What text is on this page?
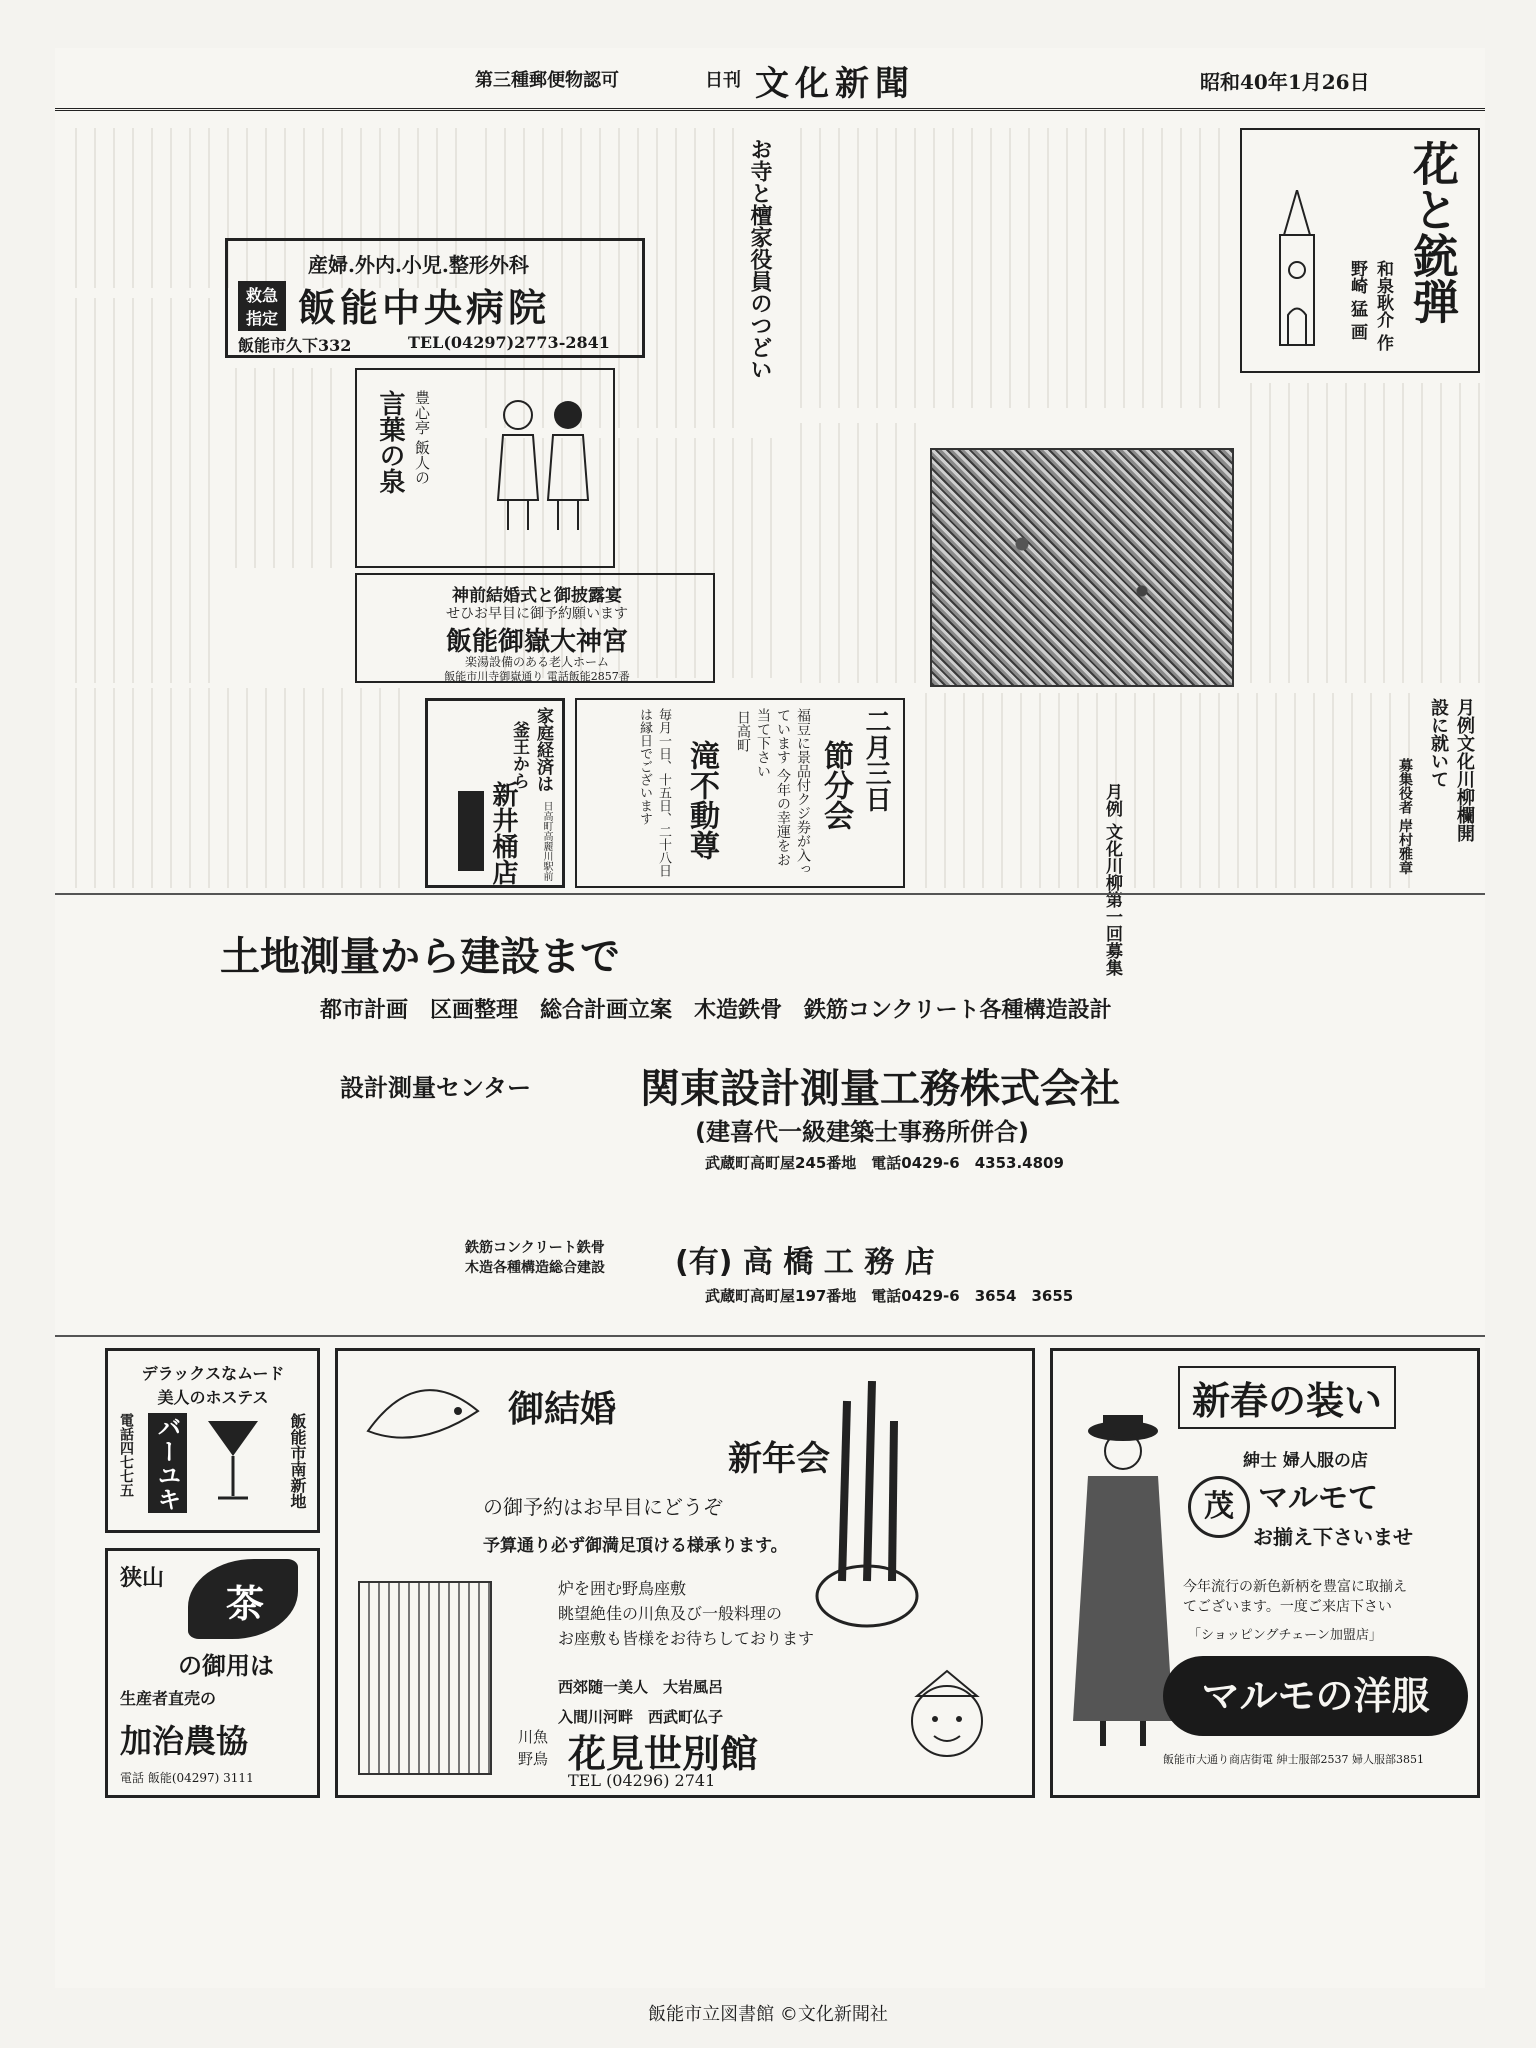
第三種郵便物認可	日刊 文化新聞	昭和40年1月26日
花と銃弾
和泉耿介 作
野崎 猛 画
お寺と檀家役員のつどい
産婦.外内.小児.整形外科
救急指定 飯能中央病院
飯能市久下332	TEL(04297)2773-2841
言葉の泉 豊心亭 飯人の
神前結婚式と御披露宴
せひお早目に御予約願います
飯能御嶽大神宮
楽湯設備のある老人ホーム
飯能市川寺御嶽通り 電話飯能2857番
家庭経済は
釜王から
新井桶店	日高町高麗川駅前
二月三日
節分会
福豆に景品付クジ券が入っています 今年の幸運をお当て下さい
日高町
滝不動尊
毎月一日、十五日、二十八日は縁日でございます
月例 文化川柳第一回募集
月例文化川柳欄開設に就いて
募集役者 岸村雅章
土地測量から建設まで
都市計画　区画整理　総合計画立案　木造鉄骨　鉄筋コンクリート各種構造設計
設計測量センター	関東設計測量工務株式会社
(建喜代一級建築士事務所併合)
武蔵町高町屋245番地　電話0429-6　4353.4809
鉄筋コンクリート鉄骨 木造各種構造総合建設	(有) 高 橋 工 務 店
武蔵町高町屋197番地　電話0429-6　3654　3655
デラックスなムード
美人のホステス
電話四七七五 バーユキ	飯能市南新地
狭山
茶
の御用は
生産者直売の
加治農協
電話 飯能(04297) 3111
御結婚
新年会
の御予約はお早目にどうぞ
予算通り必ず御満足頂ける様承ります。
炉を囲む野鳥座敷
眺望絶佳の川魚及び一般料理の
お座敷も皆様をお待ちしております
西郊随一美人　大岩風呂
入間川河畔　西武町仏子
川魚
野鳥 花見世別館
TEL (04296) 2741
新春の装い
紳士 婦人服の店
茂 マルモて
お揃え下さいませ
今年流行の新色新柄を豊富に取揃え
てございます。一度ご来店下さい
「ショッピングチェーン加盟店」
マルモの洋服
飯能市大通り商店街電 紳士服部2537 婦人服部3851
飯能市立図書館 ©文化新聞社
